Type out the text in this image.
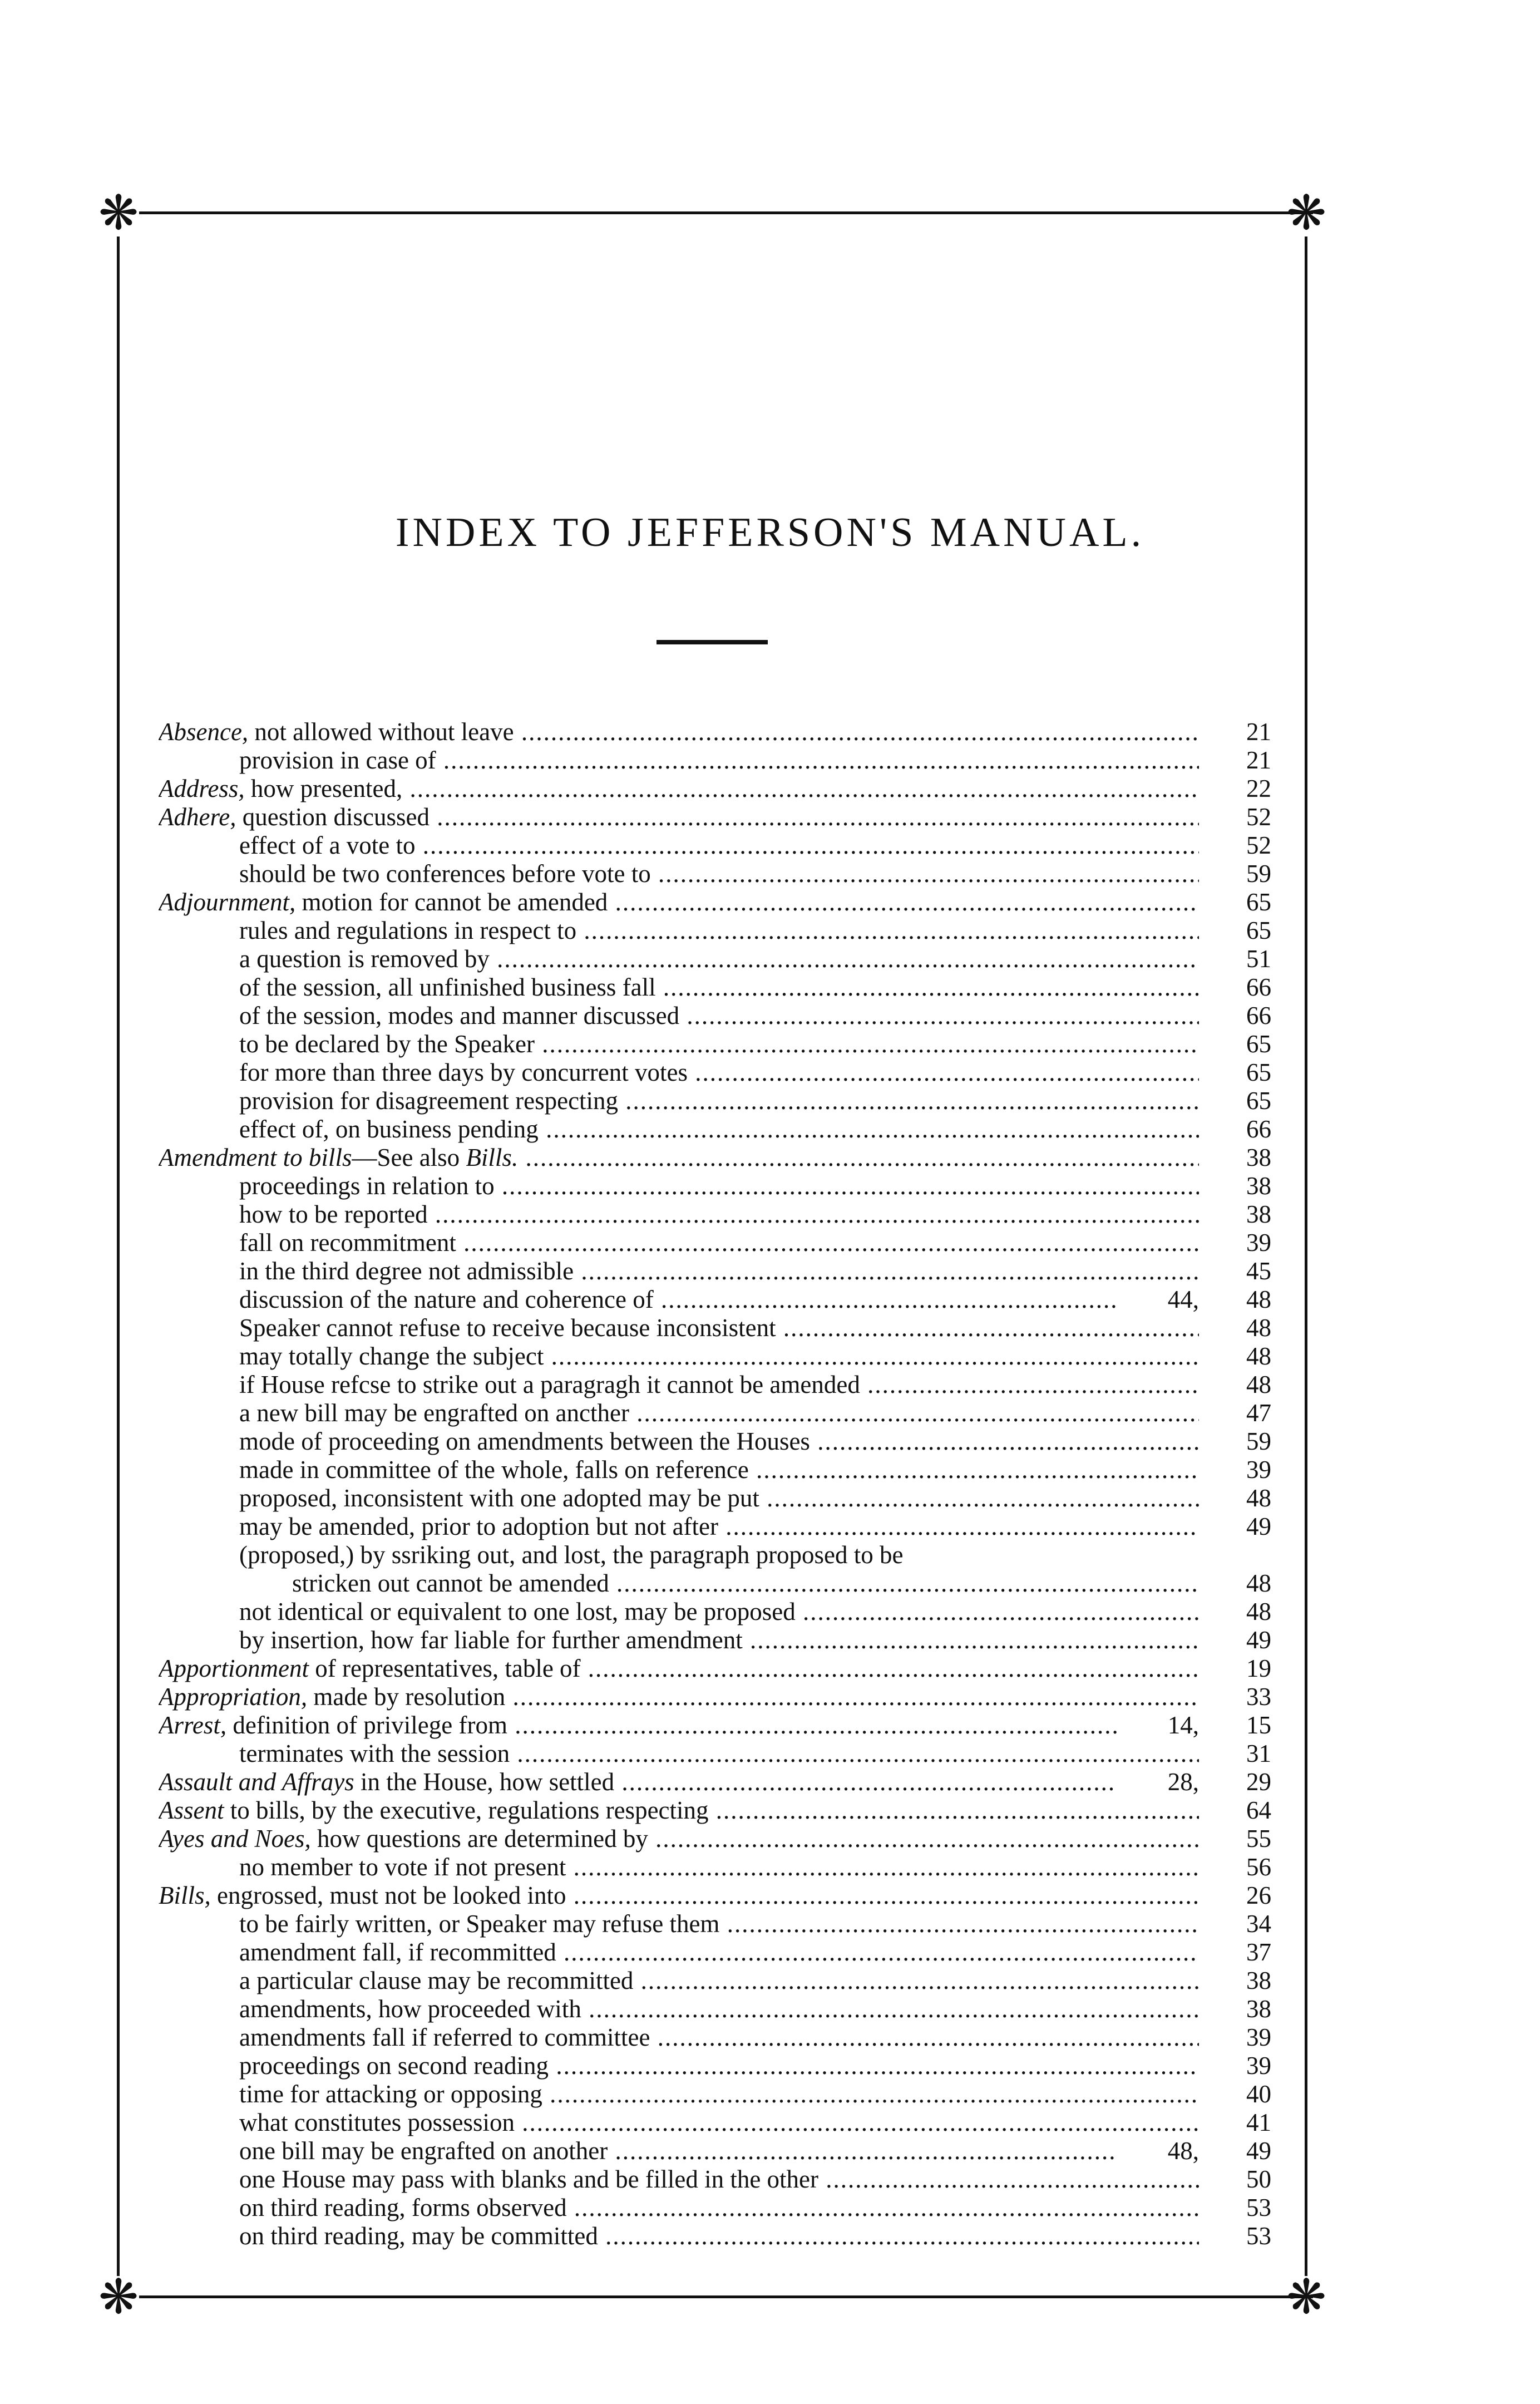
❋	❋
❋	❋
INDEX TO JEFFERSON'S MANUAL.
Absence, not allowed without leave .....	21
provision in case of .....	21
Address, how presented, .....	22
Adhere, question discussed .....	52
effect of a vote to .....	52
should be two conferences before vote to .....	59
Adjournment, motion for cannot be amended .....	65
rules and regulations in respect to .....	65
a question is removed by .....	51
of the session, all unfinished business fall .....	66
of the session, modes and manner discussed .....	66
to be declared by the Speaker .....	65
for more than three days by concurrent votes .....	65
provision for disagreement respecting .....	65
effect of, on business pending .....	66
Amendment to bills—See also Bills. .....	38
proceedings in relation to .....	38
how to be reported .....	38
fall on recommitment .....	39
in the third degree not admissible .....	45
discussion of the nature and coherence of .....	44,	48
Speaker cannot refuse to receive because inconsistent .....	48
may totally change the subject .....	48
if House refcse to strike out a paragragh it cannot be amended .....	48
a new bill may be engrafted on ancther .....	47
mode of proceeding on amendments between the Houses .....	59
made in committee of the whole, falls on reference .....	39
proposed, inconsistent with one adopted may be put .....	48
may be amended, prior to adoption but not after .....	49
(proposed,) by ssriking out, and lost, the paragraph proposed to be
stricken out cannot be amended .....	48
not identical or equivalent to one lost, may be proposed .....	48
by insertion, how far liable for further amendment .....	49
Apportionment of representatives, table of .....	19
Appropriation, made by resolution .....	33
Arrest, definition of privilege from .....	14,	15
terminates with the session .....	31
Assault and Affrays in the House, how settled .....	28,	29
Assent to bills, by the executive, regulations respecting .....	64
Ayes and Noes, how questions are determined by .....	55
no member to vote if not present .....	56
Bills, engrossed, must not be looked into .....	26
to be fairly written, or Speaker may refuse them .....	34
amendment fall, if recommitted .....	37
a particular clause may be recommitted .....	38
amendments, how proceeded with .....	38
amendments fall if referred to committee .....	39
proceedings on second reading .....	39
time for attacking or opposing .....	40
what constitutes possession .....	41
one bill may be engrafted on another .....	48,	49
one House may pass with blanks and be filled in the other .....	50
on third reading, forms observed .....	53
on third reading, may be committed .....	53
